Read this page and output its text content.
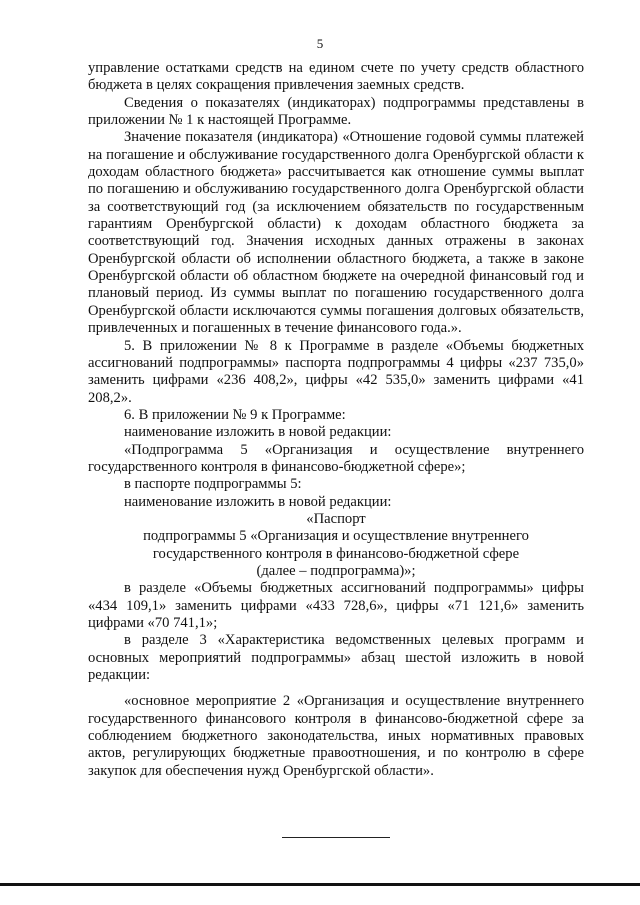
5

управление остатками средств на едином счете по учету средств областного бюджета в целях сокращения привлечения заемных средств.

Сведения о показателях (индикаторах) подпрограммы представлены в приложении № 1 к настоящей Программе.

Значение показателя (индикатора) «Отношение годовой суммы платежей на погашение и обслуживание государственного долга Оренбургской области к доходам областного бюджета» рассчитывается как отношение суммы выплат по погашению и обслуживанию государственного долга Оренбургской области за соответствующий год (за исключением обязательств по государственным гарантиям Оренбургской области) к доходам областного бюджета за соответствующий год. Значения исходных данных отражены в законах Оренбургской области об исполнении областного бюджета, а также в законе Оренбургской области об областном бюджете на очередной финансовый год и плановый период. Из суммы выплат по погашению государственного долга Оренбургской области исключаются суммы погашения долговых обязательств, привлеченных и погашенных в течение финансового года.».

5. В приложении № 8 к Программе в разделе «Объемы бюджетных ассигнований подпрограммы» паспорта подпрограммы 4 цифры «237 735,0» заменить цифрами «236 408,2», цифры «42 535,0» заменить цифрами «41 208,2».

6. В приложении № 9 к Программе:

наименование изложить в новой редакции:

«Подпрограмма 5 «Организация и осуществление внутреннего государственного контроля в финансово-бюджетной сфере»;

в паспорте подпрограммы 5:

наименование изложить в новой редакции:

«Паспорт

подпрограммы 5 «Организация и осуществление внутреннего государственного контроля в финансово-бюджетной сфере

(далее – подпрограмма)»;

в разделе «Объемы бюджетных ассигнований подпрограммы» цифры «434 109,1» заменить цифрами «433 728,6», цифры «71 121,6» заменить цифрами «70 741,1»;

в разделе 3 «Характеристика ведомственных целевых программ и основных мероприятий подпрограммы» абзац шестой изложить в новой редакции:

«основное мероприятие 2 «Организация и осуществление внутреннего государственного финансового контроля в финансово-бюджетной сфере за соблюдением бюджетного законодательства, иных нормативных правовых актов, регулирующих бюджетные правоотношения, и по контролю в сфере закупок для обеспечения нужд Оренбургской области».
